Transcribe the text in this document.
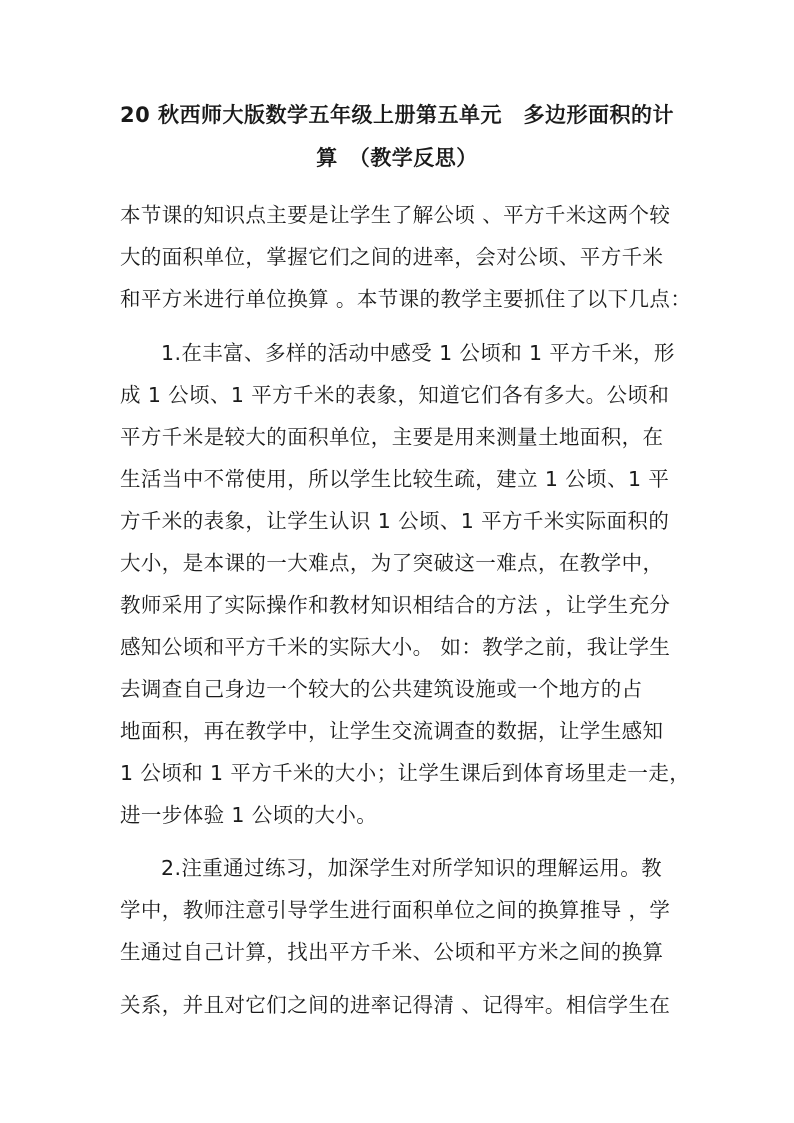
20 秋西师大版数学五年级上册第五单元　多边形面积的计
算　（教学反思）
本节课的知识点主要是让学生了解公顷 、平方千米这两个较
大的面积单位，掌握它们之间的进率，会对公顷、平方千米
和平方米进行单位换算 。本节课的教学主要抓住了以下几点：
1.在丰富、多样的活动中感受 1 公顷和 1 平方千米，形
成 1 公顷、1 平方千米的表象，知道它们各有多大。公顷和
平方千米是较大的面积单位，主要是用来测量土地面积，在
生活当中不常使用，所以学生比较生疏，建立 1 公顷、1 平
方千米的表象，让学生认识 1 公顷、1 平方千米实际面积的
大小，是本课的一大难点，为了突破这一难点，在教学中，
教师采用了实际操作和教材知识相结合的方法 ，让学生充分
感知公顷和平方千米的实际大小。 如：教学之前，我让学生
去调查自己身边一个较大的公共建筑设施或一个地方的占
地面积，再在教学中，让学生交流调查的数据，让学生感知
1 公顷和 1 平方千米的大小；让学生课后到体育场里走一走，
进一步体验 1 公顷的大小。
2.注重通过练习，加深学生对所学知识的理解运用。教
学中，教师注意引导学生进行面积单位之间的换算推导 ，学
生通过自己计算，找出平方千米、公顷和平方米之间的换算
关系，并且对它们之间的进率记得清 、记得牢。相信学生在
